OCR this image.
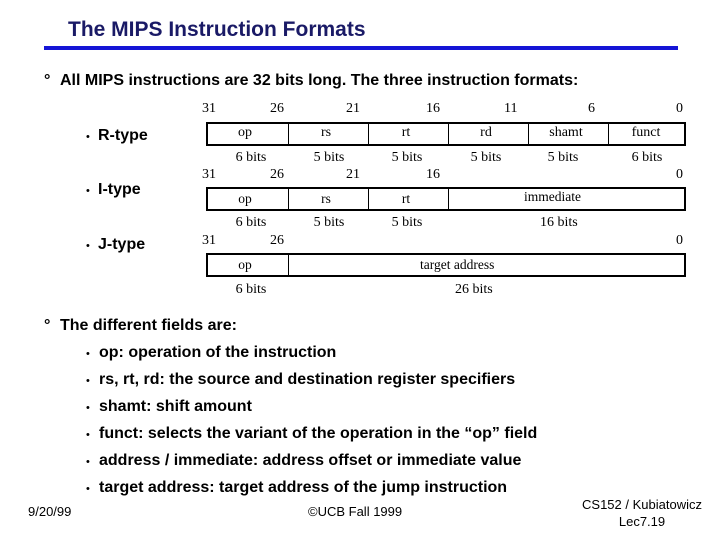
The MIPS Instruction Formats
° All MIPS instructions are 32 bits long. The three instruction formats:
• R-type
31	26	21	16	11	6	0
op	rs	rt	rd	shamt	funct
6 bits	5 bits	5 bits	5 bits	5 bits	6 bits
• I-type
31	26	21	16	0
op	rs	rt	immediate
6 bits	5 bits	5 bits	16 bits
• J-type	31	26	0
op	target address
6 bits	26 bits
° The different fields are:
• op: operation of the instruction
• rs, rt, rd: the source and destination register specifiers
• shamt: shift amount
• funct: selects the variant of the operation in the “op” field
• address / immediate: address offset or immediate value
• target address: target address of the jump instruction
9/20/99	©UCB Fall 1999	CS152 / Kubiatowicz
Lec7.19
